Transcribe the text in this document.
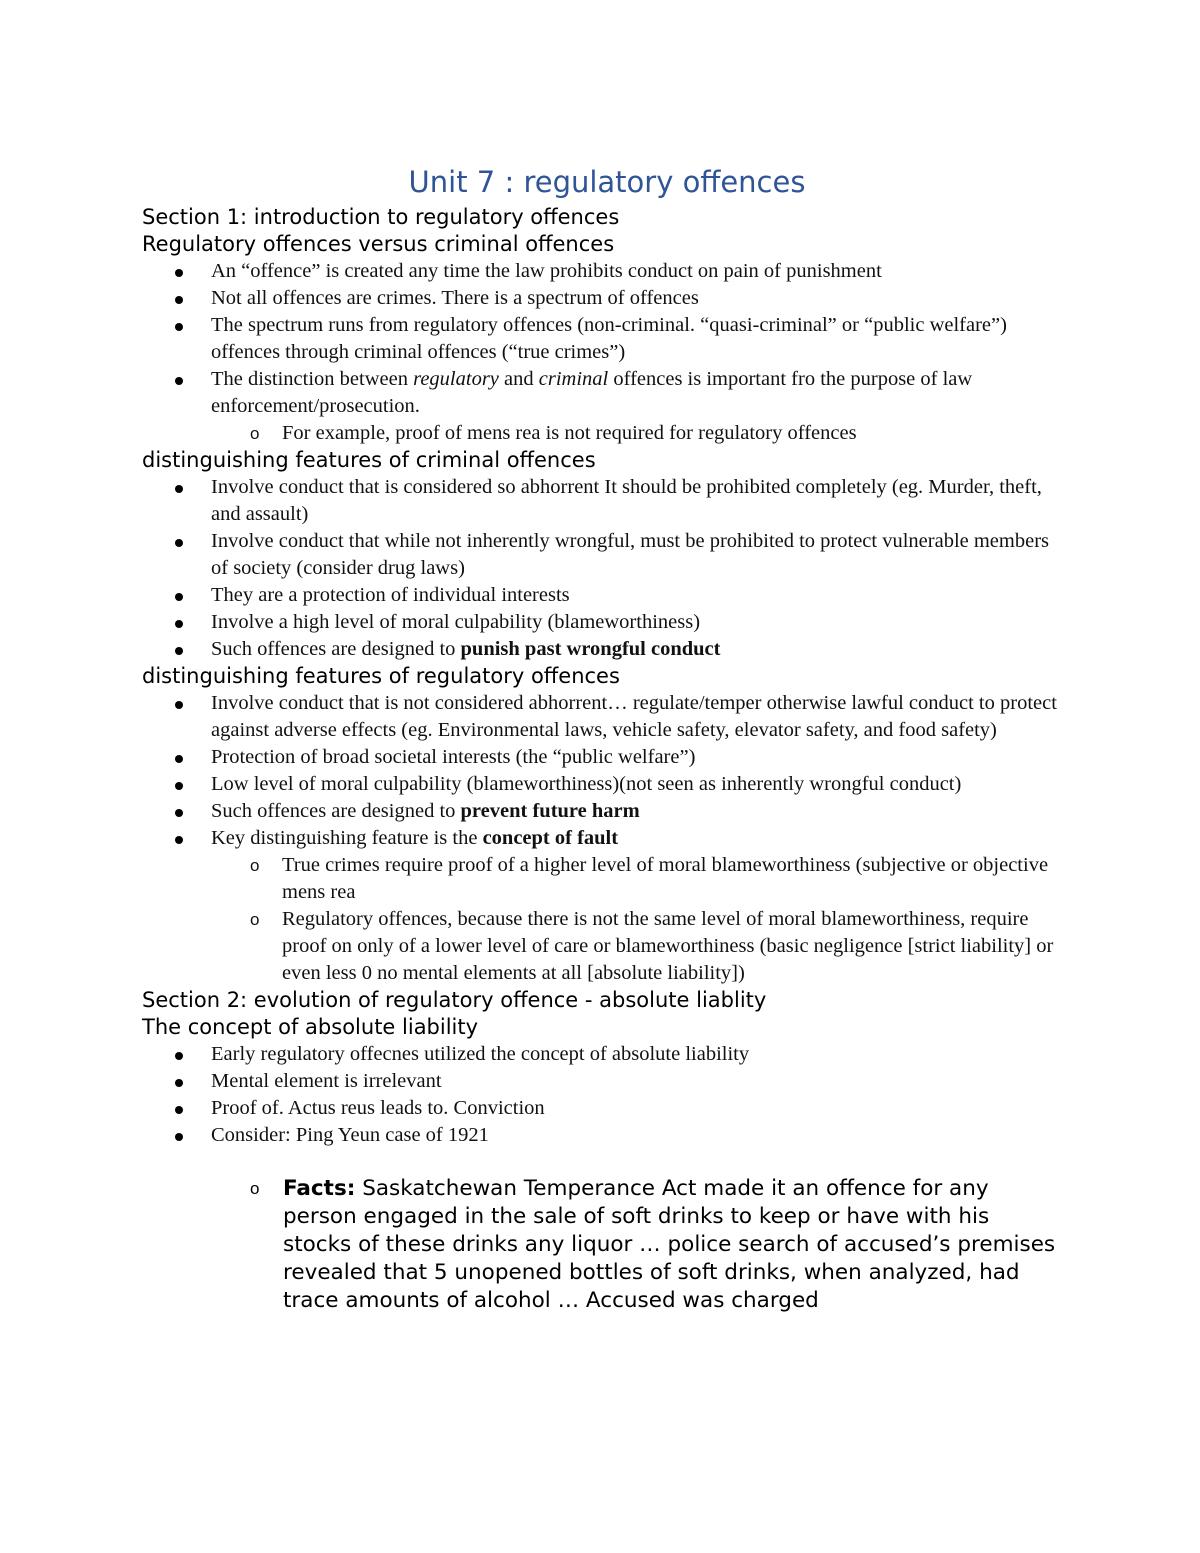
Unit 7 : regulatory offences

Section 1: introduction to regulatory offences

Regulatory offences versus criminal offences

An “offence” is created any time the law prohibits conduct on pain of punishment
Not all offences are crimes. There is a spectrum of offences
The spectrum runs from regulatory offences (non-criminal. “quasi-criminal” or “public welfare”) offences through criminal offences (“true crimes”)
The distinction between regulatory and criminal offences is important fro the purpose of law enforcement/prosecution.
o For example, proof of mens rea is not required for regulatory offences

distinguishing features of criminal offences

Involve conduct that is considered so abhorrent It should be prohibited completely (eg. Murder, theft, and assault)
Involve conduct that while not inherently wrongful, must be prohibited to protect vulnerable members of society (consider drug laws)
They are a protection of individual interests
Involve a high level of moral culpability (blameworthiness)
Such offences are designed to punish past wrongful conduct

distinguishing features of regulatory offences

Involve conduct that is not considered abhorrent… regulate/temper otherwise lawful conduct to protect against adverse effects (eg. Environmental laws, vehicle safety, elevator safety, and food safety)
Protection of broad societal interests (the “public welfare”)
Low level of moral culpability (blameworthiness)(not seen as inherently wrongful conduct)
Such offences are designed to prevent future harm
Key distinguishing feature is the concept of fault
o True crimes require proof of a higher level of moral blameworthiness (subjective or objective mens rea
o Regulatory offences, because there is not the same level of moral blameworthiness, require proof on only of a lower level of care or blameworthiness (basic negligence [strict liability] or even less 0 no mental elements at all [absolute liability])

Section 2: evolution of regulatory offence - absolute liablity

The concept of absolute liability

Early regulatory offecnes utilized the concept of absolute liability
Mental element is irrelevant
Proof of. Actus reus leads to. Conviction
Consider: Ping Yeun case of 1921
o Facts: Saskatchewan Temperance Act made it an offence for any person engaged in the sale of soft drinks to keep or have with his stocks of these drinks any liquor … police search of accused’s premises revealed that 5 unopened bottles of soft drinks, when analyzed, had trace amounts of alcohol … Accused was charged
